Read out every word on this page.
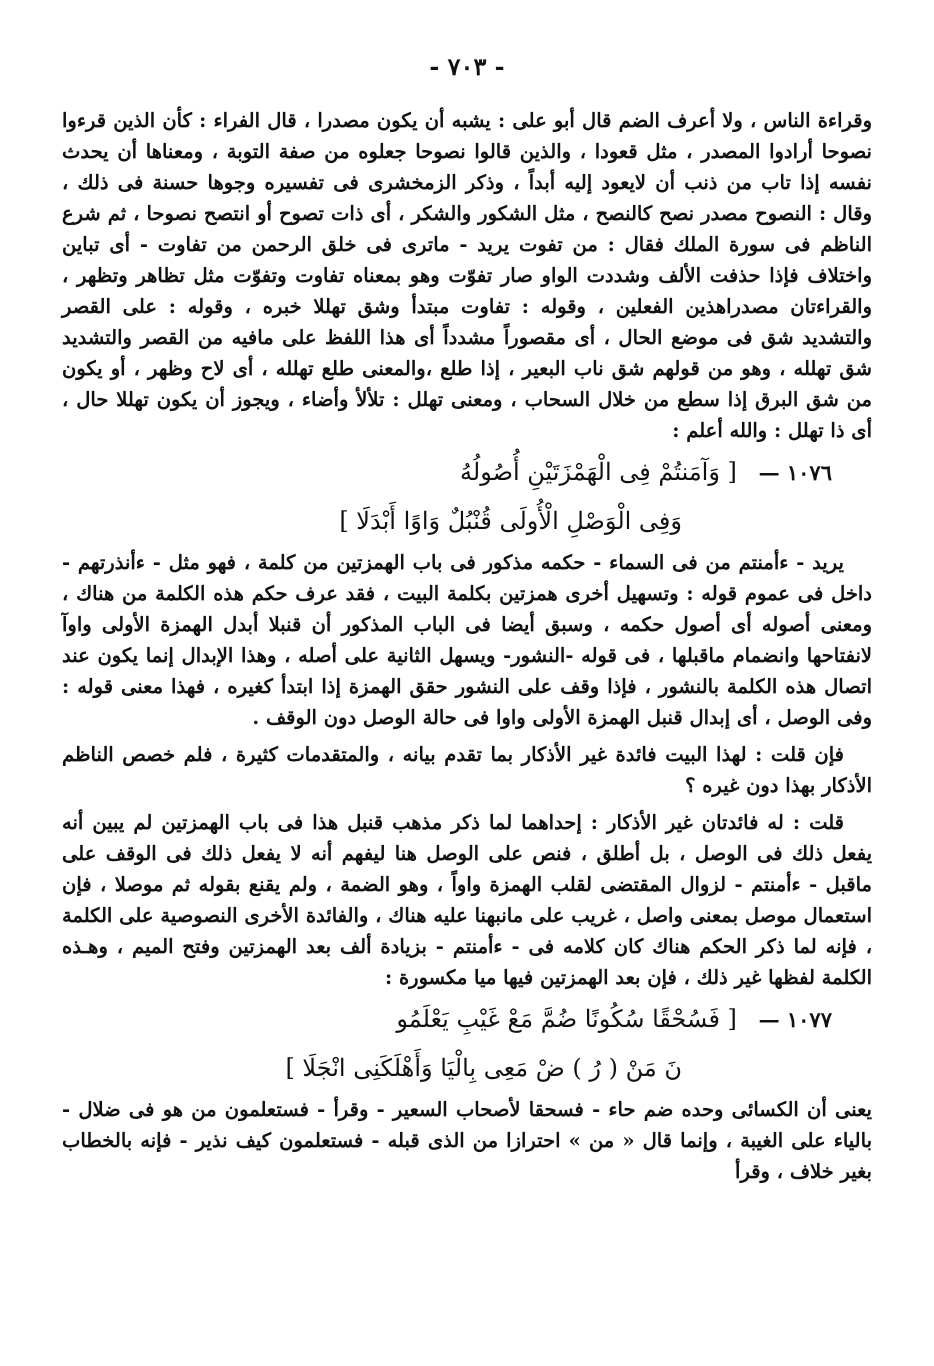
- ٧٠٣ -

وقراءة الناس ، ولا أعرف الضم قال أبو على : يشبه أن يكون مصدرا ، قال الفراء : كأن الذين قرءوا نصوحا أرادوا المصدر ، مثل قعودا ، والذين قالوا نصوحا جعلوه من صفة التوبة ، ومعناها أن يحدث نفسه إذا تاب من ذنب أن لايعود إليه أبداً ، وذكر الزمخشرى فى تفسيره وجوها حسنة فى ذلك ، وقال : النصوح مصدر نصح كالنصح ، مثل الشكور والشكر ، أى ذات تصوح أو انتصح نصوحا ، ثم شرع الناظم فى سورة الملك فقال : من تفوت يريد - ماترى فى خلق الرحمن من تفاوت - أى تباين واختلاف فإذا حذفت الألف وشددت الواو صار تفوّت وهو بمعناه تفاوت وتفوّت مثل تظاهر وتظهر ، والقراءتان مصدراهذين الفعلين ، وقوله : تفاوت مبتدأ وشق تهللا خبره ، وقوله : على القصر والتشديد شق فى موضع الحال ، أى مقصوراً مشدداً أى هذا اللفظ على مافيه من القصر والتشديد شق تهلله ، وهو من قولهم شق ناب البعير ، إذا طلع ،والمعنى طلع تهلله ، أى لاح وظهر ، أو يكون من شق البرق إذا سطع من خلال السحاب ، ومعنى تهلل : تلألأ وأضاء ، ويجوز أن يكون تهللا حال ، أى ذا تهلل : والله أعلم :

١٠٧٦ — [ وَآمَنتُمْ فِى الْهَمْزَتَيْنِ أُصُولُهُ
وَفِى الْوَصْلِ الْأُولَى قُنْبُلٌ وَاوًا أَبْدَلَا ]

يريد - ءأمنتم من فى السماء - حكمه مذكور فى باب الهمزتين من كلمة ، فهو مثل - ءأنذرتهم - داخل فى عموم قوله : وتسهيل أخرى همزتين بكلمة البيت ، فقد عرف حكم هذه الكلمة من هناك ، ومعنى أصوله أى أصول حكمه ، وسبق أيضا فى الباب المذكور أن قنبلا أبدل الهمزة الأولى واوآ لانفتاحها وانضمام ماقبلها ، فى قوله -النشور- ويسهل الثانية على أصله ، وهذا الإبدال إنما يكون عند اتصال هذه الكلمة بالنشور ، فإذا وقف على النشور حقق الهمزة إذا ابتدأ كغيره ، فهذا معنى قوله : وفى الوصل ، أى إبدال قنبل الهمزة الأولى واوا فى حالة الوصل دون الوقف .

فإن قلت : لهذا البيت فائدة غير الأذكار بما تقدم بيانه ، والمتقدمات كثيرة ، فلم خصص الناظم الأذكار بهذا دون غيره ؟

قلت : له فائدتان غير الأذكار : إحداهما لما ذكر مذهب قنبل هذا فى باب الهمزتين لم يبين أنه يفعل ذلك فى الوصل ، بل أطلق ، فنص على الوصل هنا ليفهم أنه لا يفعل ذلك فى الوقف على ماقبل - ءأمنتم - لزوال المقتضى لقلب الهمزة واواً ، وهو الضمة ، ولم يقنع بقوله ثم موصلا ، فإن استعمال موصل بمعنى واصل ، غريب على مانبهنا عليه هناك ، والفائدة الأخرى النصوصية على الكلمة ، فإنه لما ذكر الحكم هناك كان كلامه فى - ءأمنتم - بزيادة ألف بعد الهمزتين وفتح الميم ، وهـذه الكلمة لفظها غير ذلك ، فإن بعد الهمزتين فيها ميا مكسورة :

١٠٧٧ — [ فَسُحْقًا سُكُونًا ضُمَّ مَعْ غَيْبِ يَعْلَمُو
نَ مَنْ ( رُ ) ضْ مَعِى بِالْيَا وَأَهْلَكَنِى انْجَلَا ]

يعنى أن الكسائى وحده ضم حاء - فسحقا لأصحاب السعير - وقرأ - فستعلمون من هو فى ضلال - بالياء على الغيبة ، وإنما قال « من » احترازا من الذى قبله - فستعلمون كيف نذير - فإنه بالخطاب بغير خلاف ، وقرأ
